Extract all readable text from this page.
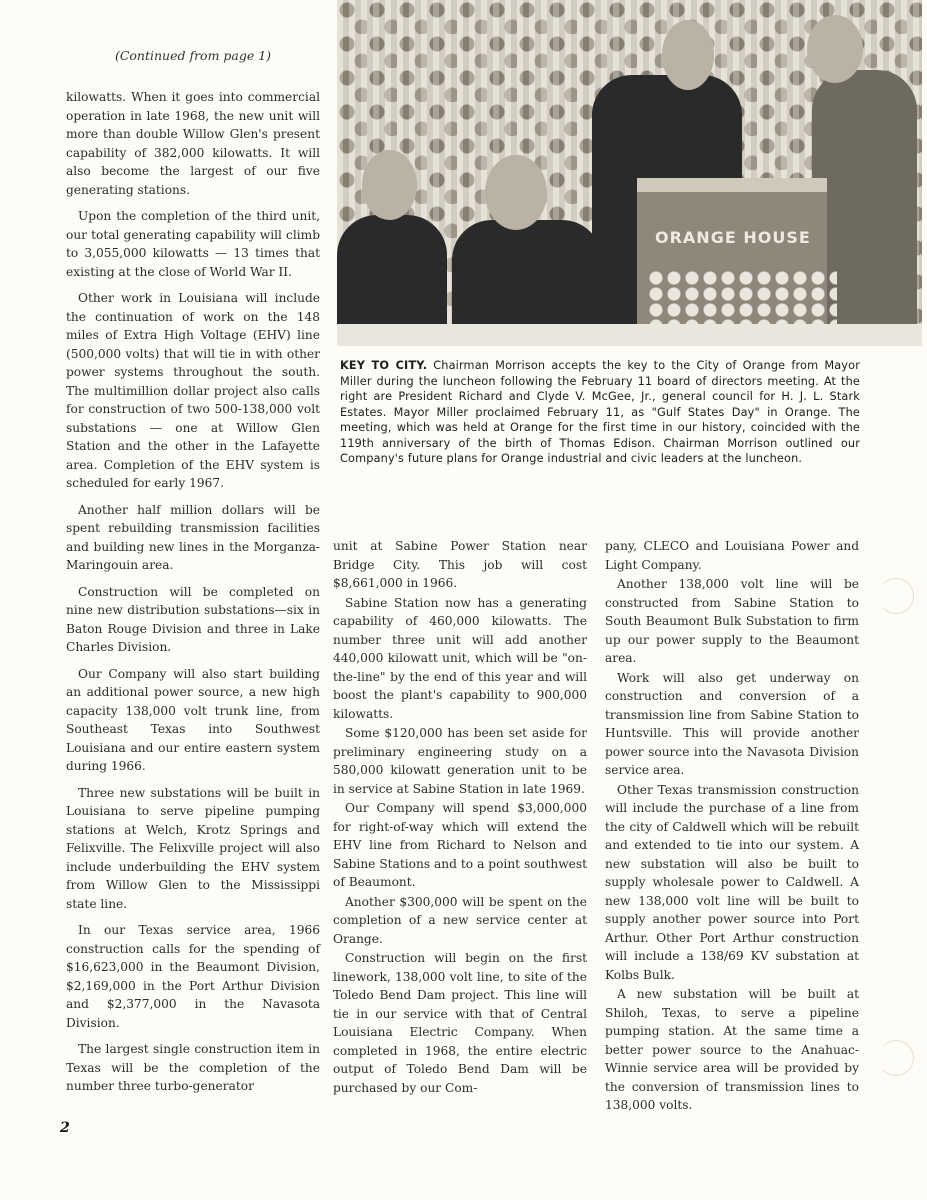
(Continued from page 1)

kilowatts. When it goes into commercial operation in late 1968, the new unit will more than double Willow Glen's present capability of 382,000 kilowatts. It will also become the largest of our five generating stations.

Upon the completion of the third unit, our total generating capability will climb to 3,055,000 kilowatts — 13 times that existing at the close of World War II.

Other work in Louisiana will include the continuation of work on the 148 miles of Extra High Voltage (EHV) line (500,000 volts) that will tie in with other power systems throughout the south. The multimillion dollar project also calls for construction of two 500-138,000 volt substations — one at Willow Glen Station and the other in the Lafayette area. Completion of the EHV system is scheduled for early 1967.

Another half million dollars will be spent rebuilding transmission facilities and building new lines in the Morganza-Maringouin area.

Construction will be completed on nine new distribution substations—six in Baton Rouge Division and three in Lake Charles Division.

Our Company will also start building an additional power source, a new high capacity 138,000 volt trunk line, from Southeast Texas into Southwest Louisiana and our entire eastern system during 1966.

Three new substations will be built in Louisiana to serve pipeline pumping stations at Welch, Krotz Springs and Felixville. The Felixville project will also include underbuilding the EHV system from Willow Glen to the Mississippi state line.

In our Texas service area, 1966 construction calls for the spending of $16,623,000 in the Beaumont Division, $2,169,000 in the Port Arthur Division and $2,377,000 in the Navasota Division.

The largest single construction item in Texas will be the completion of the number three turbo-generator

ORANGE HOUSE
KEY TO CITY. Chairman Morrison accepts the key to the City of Orange from Mayor Miller during the luncheon following the February 11 board of directors meeting. At the right are President Richard and Clyde V. McGee, Jr., general council for H. J. L. Stark Estates. Mayor Miller proclaimed February 11, as "Gulf States Day" in Orange. The meeting, which was held at Orange for the first time in our history, coincided with the 119th anniversary of the birth of Thomas Edison. Chairman Morrison outlined our Company's future plans for Orange industrial and civic leaders at the luncheon.

unit at Sabine Power Station near Bridge City. This job will cost $8,661,000 in 1966.

Sabine Station now has a generating capability of 460,000 kilowatts. The number three unit will add another 440,000 kilowatt unit, which will be "on-the-line" by the end of this year and will boost the plant's capability to 900,000 kilowatts.

Some $120,000 has been set aside for preliminary engineering study on a 580,000 kilowatt generation unit to be in service at Sabine Station in late 1969.

Our Company will spend $3,000,000 for right-of-way which will extend the EHV line from Richard to Nelson and Sabine Stations and to a point southwest of Beaumont.

Another $300,000 will be spent on the completion of a new service center at Orange.

Construction will begin on the first linework, 138,000 volt line, to site of the Toledo Bend Dam project. This line will tie in our service with that of Central Louisiana Electric Company. When completed in 1968, the entire electric output of Toledo Bend Dam will be purchased by our Com-

pany, CLECO and Louisiana Power and Light Company.

Another 138,000 volt line will be constructed from Sabine Station to South Beaumont Bulk Substation to firm up our power supply to the Beaumont area.

Work will also get underway on construction and conversion of a transmission line from Sabine Station to Huntsville. This will provide another power source into the Navasota Division service area.

Other Texas transmission construction will include the purchase of a line from the city of Caldwell which will be rebuilt and extended to tie into our system. A new substation will also be built to supply wholesale power to Caldwell. A new 138,000 volt line will be built to supply another power source into Port Arthur. Other Port Arthur construction will include a 138/69 KV substation at Kolbs Bulk.

A new substation will be built at Shiloh, Texas, to serve a pipeline pumping station. At the same time a better power source to the Anahuac-Winnie service area will be provided by the conversion of transmission lines to 138,000 volts.

2
